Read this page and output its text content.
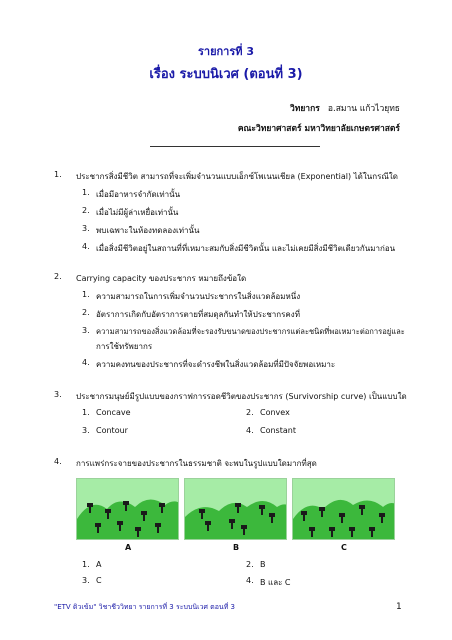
รายการที่ 3
เรื่อง ระบบนิเวศ (ตอนที่ 3)
วิทยากร อ.สมาน แก้วไวยุทธ
คณะวิทยาศาสตร์ มหาวิทยาลัยเกษตรศาสตร์
1. ประชากรสิ่งมีชีวิต สามารถที่จะเพิ่มจำนวนแบบเอ็กซ์โพเนนเชียล (Exponential) ได้ในกรณีใด
1. เมื่อมีอาหารจำกัดเท่านั้น
2. เมื่อไม่มีผู้ล่าเหยื่อเท่านั้น
3. พบเฉพาะในห้องทดลองเท่านั้น
4. เมื่อสิ่งมีชีวิตอยู่ในสถานที่ที่เหมาะสมกับสิ่งมีชีวิตนั้น และไม่เคยมีสิ่งมีชีวิตเดียวกันมาก่อน
2. Carrying capacity ของประชากร หมายถึงข้อใด
1. ความสามารถในการเพิ่มจำนวนประชากรในสิ่งแวดล้อมหนึ่ง
2. อัตราการเกิดกับอัตราการตายที่สมดุลกันทำให้ประชากรคงที่
3. ความสามารถของสิ่งแวดล้อมที่จะรองรับขนาดของประชากรแต่ละชนิดที่พอเหมาะต่อการอยู่และ
การใช้ทรัพยากร
4. ความคงทนของประชากรที่จะดำรงชีพในสิ่งแวดล้อมที่มีปัจจัยพอเหมาะ
3. ประชากรมนุษย์มีรูปแบบของกราฟการรอดชีวิตของประชากร (Survivorship curve) เป็นแบบใด
1. Concave	2. Convex
3. Contour	4. Constant
4. การแพร่กระจายของประชากรในธรรมชาติ จะพบในรูปแบบใดมากที่สุด
A	B	C
1. A	2. B
3. C	4. B และ C
"ETV ติวเข้ม" วิชาชีววิทยา รายการที่ 3 ระบบนิเวศ ตอนที่ 3	1
